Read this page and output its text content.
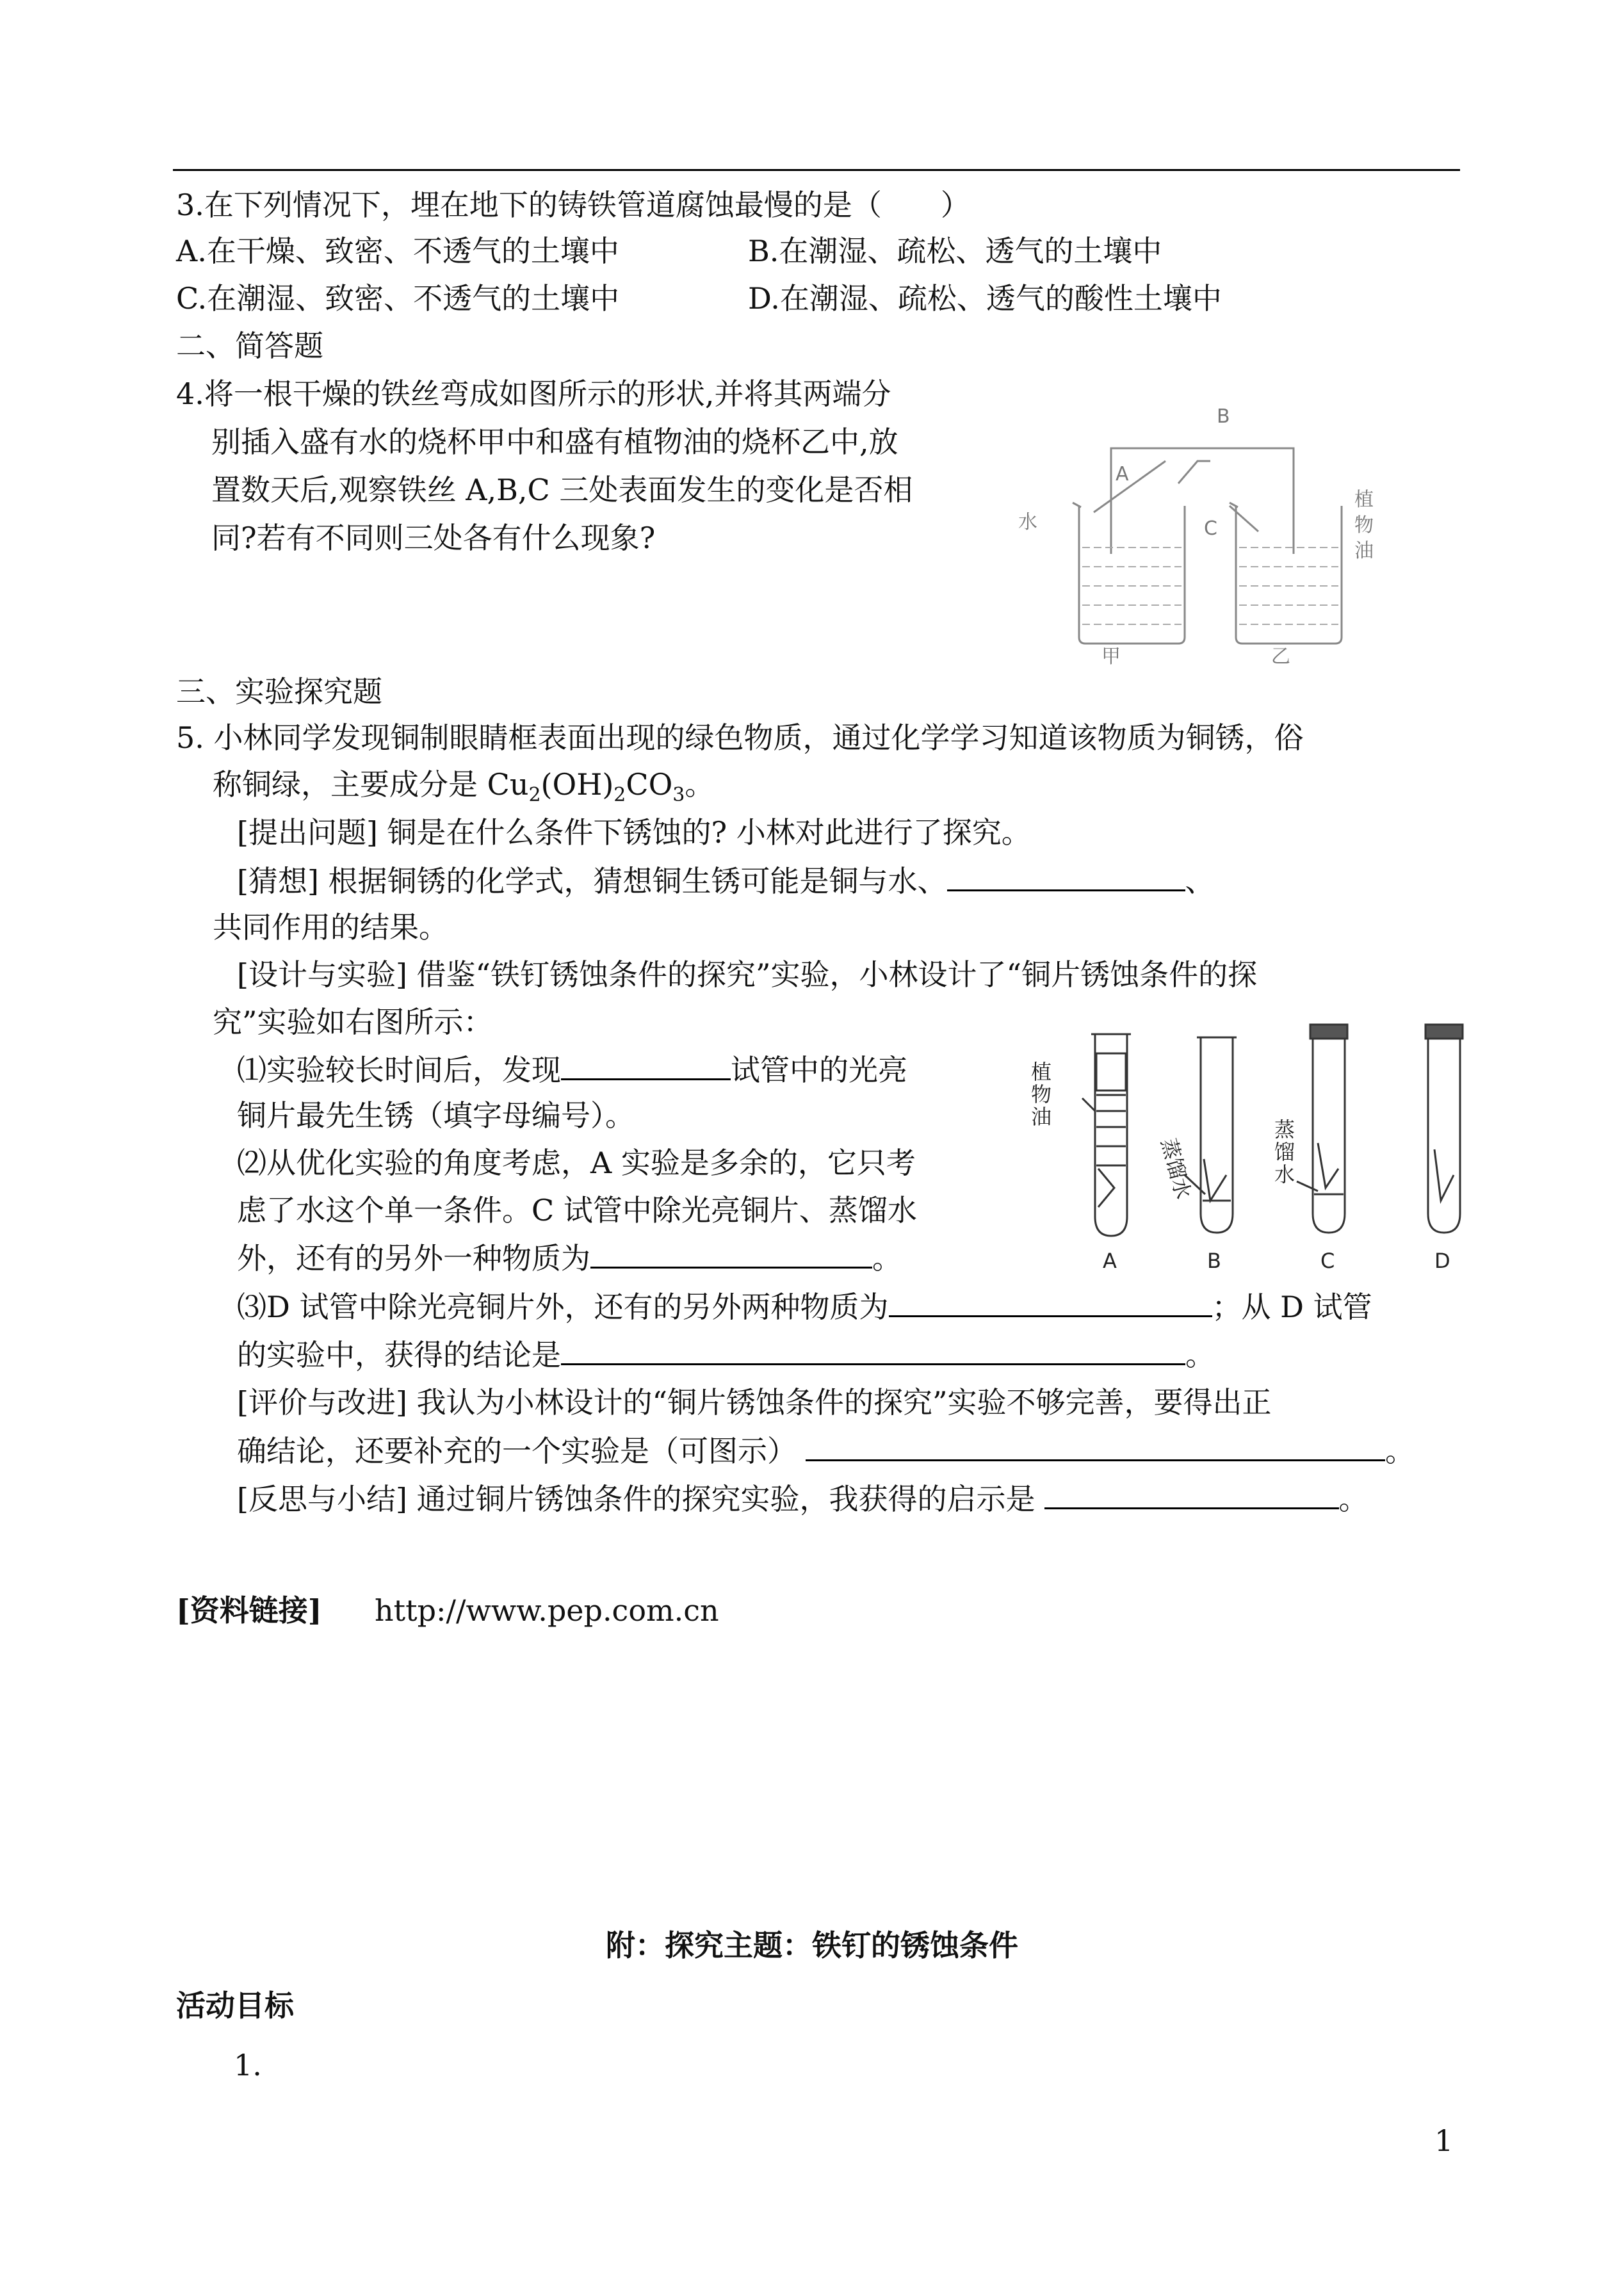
3.在下列情况下，埋在地下的铸铁管道腐蚀最慢的是（　　）
A.在干燥、致密、不透气的土壤中	B.在潮湿、疏松、透气的土壤中
C.在潮湿、致密、不透气的土壤中	D.在潮湿、疏松、透气的酸性土壤中
二、简答题
4.将一根干燥的铁丝弯成如图所示的形状,并将其两端分
别插入盛有水的烧杯甲中和盛有植物油的烧杯乙中,放
置数天后,观察铁丝 A,B,C 三处表面发生的变化是否相
同?若有不同则三处各有什么现象?
B
A
C
水
植物油
甲	乙
三、实验探究题
5. 小林同学发现铜制眼睛框表面出现的绿色物质，通过化学学习知道该物质为铜锈，俗
称铜绿，主要成分是 $Cu_2(OH)_2CO_3$。
[提出问题] 铜是在什么条件下锈蚀的? 小林对此进行了探究。
[猜想] 根据铜锈的化学式，猜想铜生锈可能是铜与水、	、
共同作用的结果。
[设计与实验] 借鉴“铁钉锈蚀条件的探究”实验，小林设计了“铜片锈蚀条件的探
究”实验如右图所示：
⑴实验较长时间后，发现	试管中的光亮
铜片最先生锈（填字母编号）。
⑵从优化实验的角度考虑，A 实验是多余的，它只考
虑了水这个单一条件。C 试管中除光亮铜片、蒸馏水
外，还有的另外一种物质为	。
⑶D 试管中除光亮铜片外，还有的另外两种物质为	；从 D 试管
的实验中，获得的结论是	。
[评价与改进] 我认为小林设计的“铜片锈蚀条件的探究”实验不够完善，要得出正
确结论，还要补充的一个实验是（可图示）	。
[反思与小结] 通过铜片锈蚀条件的探究实验，我获得的启示是	。
植物油
蒸馏水
蒸馏水
A	B	C	D
[资料链接] http://www.pep.com.cn
附：探究主题：铁钉的锈蚀条件
活动目标
1.
1
